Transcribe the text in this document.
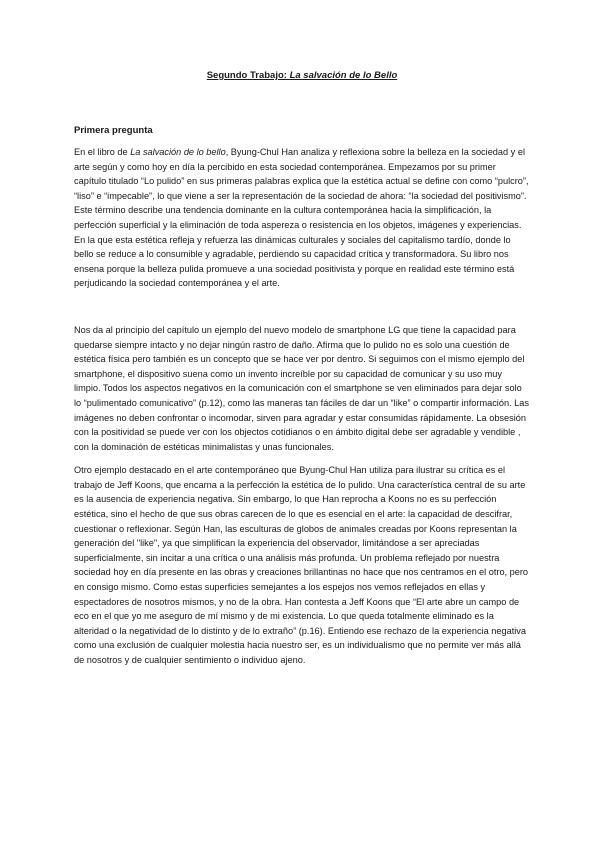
Segundo Trabajo: La salvación de lo Bello
Primera pregunta

En el libro de La salvación de lo bello, Byung-Chul Han analiza y reflexiona sobre la belleza en la sociedad y el arte según y como hoy en día la percibido en esta sociedad contemporánea. Empezamos por su primer capítulo titulado “Lo pulido” en sus primeras palabras explica que la estética actual se define con como “pulcro”, “liso” e “impecable”, lo que viene a ser la representación de la sociedad de ahora: “la sociedad del positivismo”. Este término describe una tendencia dominante en la cultura contemporánea hacia la simplificación, la perfección superficial y la eliminación de toda aspereza o resistencia en los objetos, imágenes y experiencias. En la que esta estética refleja y refuerza las dinámicas culturales y sociales del capitalismo tardío, donde lo bello se reduce a lo consumible y agradable, perdiendo su capacidad crítica y transformadora. Su libro nos ensena porque la belleza pulida promueve a una sociedad positivista y porque en realidad este término está perjudicando la sociedad contemporánea y el arte.

Nos da al principio del capítulo un ejemplo del nuevo modelo de smartphone LG que tiene la capacidad para quedarse siempre intacto y no dejar ningún rastro de daño. Afirma que lo pulido no es solo una cuestión de estética física pero también es un concepto que se hace ver por dentro. Si seguimos con el mismo ejemplo del smartphone, el dispositivo suena como un invento increíble por su capacidad de comunicar y su uso muy limpio. Todos los aspectos negativos en la comunicación con el smartphone se ven eliminados para dejar solo lo “pulimentado comunicativo” (p.12), como las maneras tan fáciles de dar un “like” o compartir información. Las imágenes no deben confrontar o incomodar, sirven para agradar y estar consumidas rápidamente. La obsesión con la positividad se puede ver con los objectos cotidianos o en ámbito digital debe ser agradable y vendible , con la dominación de estéticas minimalistas y unas funcionales.

Otro ejemplo destacado en el arte contemporáneo que Byung-Chul Han utiliza para ilustrar su crítica es el trabajo de Jeff Koons, que encarna a la perfección la estética de lo pulido. Una característica central de su arte es la ausencia de experiencia negativa. Sin embargo, lo que Han reprocha a Koons no es su perfección estética, sino el hecho de que sus obras carecen de lo que es esencial en el arte: la capacidad de descifrar, cuestionar o reflexionar. Según Han, las esculturas de globos de animales creadas por Koons representan la generación del "like", ya que simplifican la experiencia del observador, limitándose a ser apreciadas superficialmente, sin incitar a una crítica o una análisis más profunda. Un problema reflejado por nuestra sociedad hoy en día presente en las obras y creaciones brillantinas no hace que nos centramos en el otro, pero en consigo mismo. Como estas superficies semejantes a los espejos nos vemos reflejados en ellas y espectadores de nosotros mismos, y no de la obra. Han contesta a Jeff Koons que “El arte abre un campo de eco en el que yo me aseguro de mí mismo y de mi existencia. Lo que queda totalmente eliminado es la alteridad o la negatividad de lo distinto y de lo extraño” (p.16). Entiendo ese rechazo de la experiencia negativa como una exclusión de cualquier molestia hacia nuestro ser, es un individualismo que no permite ver más allá de nosotros y de cualquier sentimiento o individuo ajeno.
